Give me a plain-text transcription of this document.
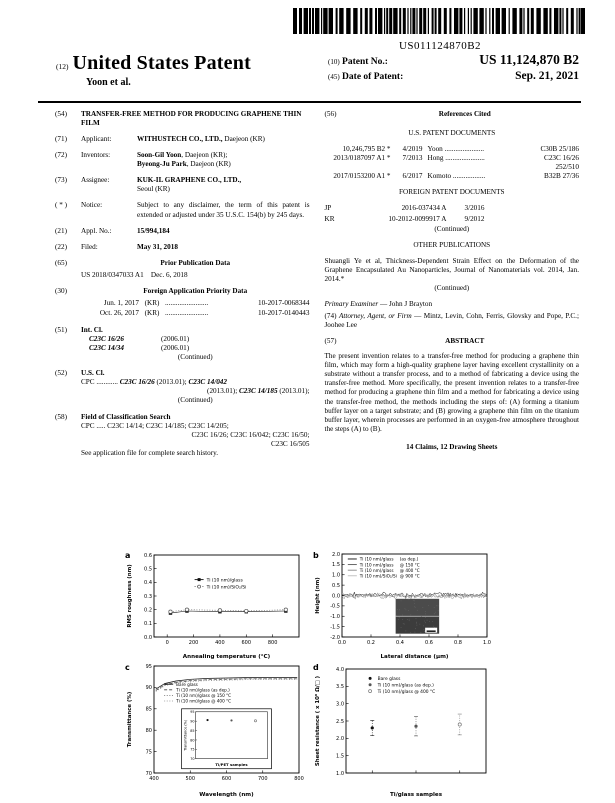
US011124870B2
(12) United States Patent
Yoon et al.
(10) Patent No.:	US 11,124,870 B2
(45) Date of Patent:	Sep. 21, 2021
(54)	TRANSFER-FREE METHOD FOR PRODUCING GRAPHENE THIN FILM
(71)	Applicant:	WITHUSTECH CO., LTD., Daejeon (KR)
(72)	Inventors:	Soon-Gil Yoon, Daejeon (KR);
Byeong-Ju Park, Daejeon (KR)
(73)	Assignee:	KUK-IL GRAPHENE CO., LTD.,
Seoul (KR)
( * )	Notice:	Subject to any disclaimer, the term of this patent is extended or adjusted under 35 U.S.C. 154(b) by 245 days.
(21)	Appl. No.:	15/994,184
(22)	Filed:	May 31, 2018
(65)	Prior Publication Data
US 2018/0347033 A1 Dec. 6, 2018
(30)	Foreign Application Priority Data
Jun. 1, 2017 (KR) ........................	10-2017-0068344
Oct. 26, 2017 (KR) ........................	10-2017-0140443
(51)	Int. Cl.
C23C 16/26	(2006.01)
C23C 14/34	(2006.01)
(Continued)
(52)	U.S. Cl.
CPC ............ C23C 16/26 (2013.01); C23C 14/042
(2013.01); C23C 14/185 (2013.01);
(Continued)
(58)	Field of Classification Search
CPC ..... C23C 14/14; C23C 14/185; C23C 14/205;
C23C 16/26; C23C 16/042; C23C 16/50;
C23C 16/505
See application file for complete search history.
(56)	References Cited
U.S. PATENT DOCUMENTS
10,246,795 B2 *	4/2019 Yoon ......................	C30B 25/186
2013/0187097 A1 *	7/2013 Hong ......................	C23C 16/26
252/510
2017/0153200 A1 *	6/2017 Komoto ..................	B32B 27/36
FOREIGN PATENT DOCUMENTS
JP	2016-037434 A	3/2016
KR	10-2012-0099917 A	9/2012
(Continued)
OTHER PUBLICATIONS
Shuangli Ye et al, Thickness-Dependent Strain Effect on the Deformation of the Graphene Encapsulated Au Nanoparticles, Journal of Nanomaterials vol. 2014, Jan. 2014.*
(Continued)
Primary Examiner — John J Brayton
(74) Attorney, Agent, or Firm — Mintz, Levin, Cohn, Ferris, Glovsky and Pope, P.C.; Joohee Lee
(57)	ABSTRACT
The present invention relates to a transfer-free method for producing a graphene thin film, which may form a high-quality graphene layer having excellent crystallinity on a substrate without a transfer process, and to a method of fabricating a device using the transfer-free method. More specifically, the present invention relates to a transfer-free method for producing a graphene thin film and a method for fabricating a device using the transfer-free method, the methods including the steps of: (A) forming a titanium buffer layer on a target substrate; and (B) growing a graphene thin film on the titanium buffer layer, wherein processes are performed in an oxygen-free atmosphere throughout the steps (A) to (B).
14 Claims, 12 Drawing Sheets
a
0	200	400	600	800
0.0
0.1
0.2
0.3
0.4
0.5
0.6
Annealing temperature (°C)
RMS roughness (nm)	Ti (10 nm)/glass
Ti (10 nm)/SiO₂/Si
b
0.0	0.2	0.4	0.6	0.8	1.0
-2.0
-1.5
-1.0
-0.5
0.0
0.5
1.0
1.5
2.0
Lateral distance (μm)
Height (nm)
Ti (10 nm)/glass (as dep.)
Ti (10 nm)/glass @ 150 °C
Ti (10 nm)/glass @ 400 °C
Ti (10 nm)/SiO₂/Si @ 900 °C
c
400	500	600	700	800
70
75
80
85
90
95
Wavelength (nm)
Transmittance (%)
Bare glass
Ti (10 nm)/glass (as dep.)
Ti (10 nm)/glass @ 150 °C
Ti (10 nm)/glass @ 400 °C
95
90
85
80
75
70
Ti/PET samples
Transmittance (%)
d
1.0
1.5
2.0
2.5
3.0
3.5
4.0
Ti/glass samples
Sheet resistance ( x 10⁶ Ω/□ )	Bare glass
Ti (10 nm)/glass (as dep.)
Ti (10 nm)/glass @ 400 °C
